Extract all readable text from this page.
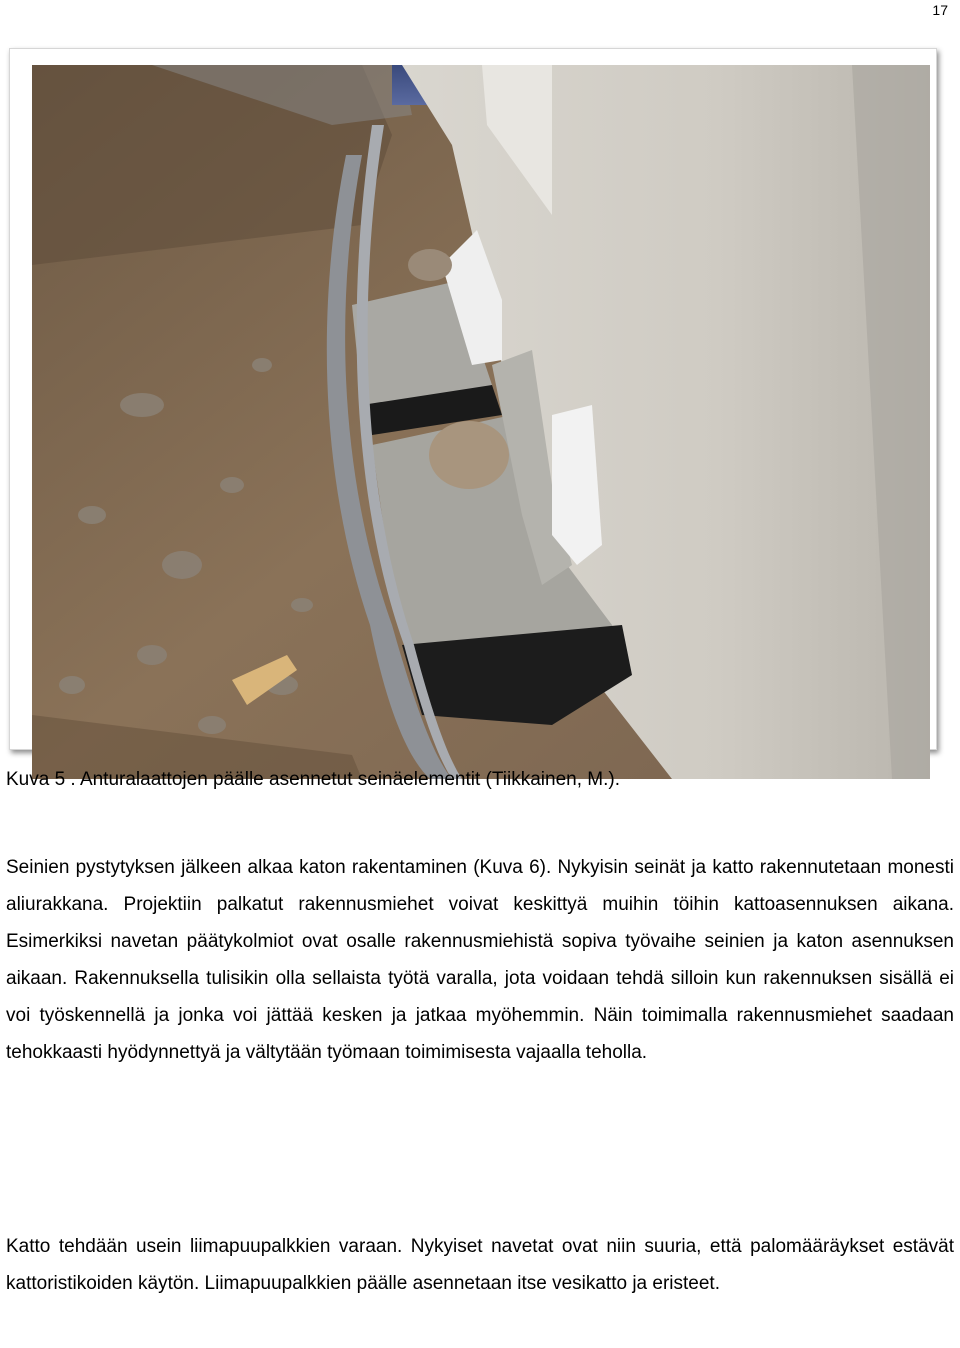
17
Kuva 5 . Anturalaattojen päälle asennetut seinäelementit (Tiikkainen, M.).

Seinien pystytyksen jälkeen alkaa katon rakentaminen (Kuva 6). Nykyisin seinät ja katto rakennutetaan monesti aliurakkana. Projektiin palkatut rakennusmiehet voivat keskittyä muihin töihin kattoasennuksen aikana. Esimerkiksi navetan päätykolmiot ovat osalle rakennusmiehistä sopiva työvaihe seinien ja katon asennuksen aikaan. Rakennuksella tulisikin olla sellaista työtä varalla, jota voidaan tehdä silloin kun rakennuksen sisällä ei voi työskennellä ja jonka voi jättää kesken ja jatkaa myöhemmin. Näin toimimalla rakennusmiehet saadaan tehokkaasti hyödynnettyä ja vältytään työmaan toimimisesta vajaalla teholla.

Katto tehdään usein liimapuupalkkien varaan. Nykyiset navetat ovat niin suuria, että palomääräykset estävät kattoristikoiden käytön. Liimapuupalkkien päälle asennetaan itse vesikatto ja eristeet.
